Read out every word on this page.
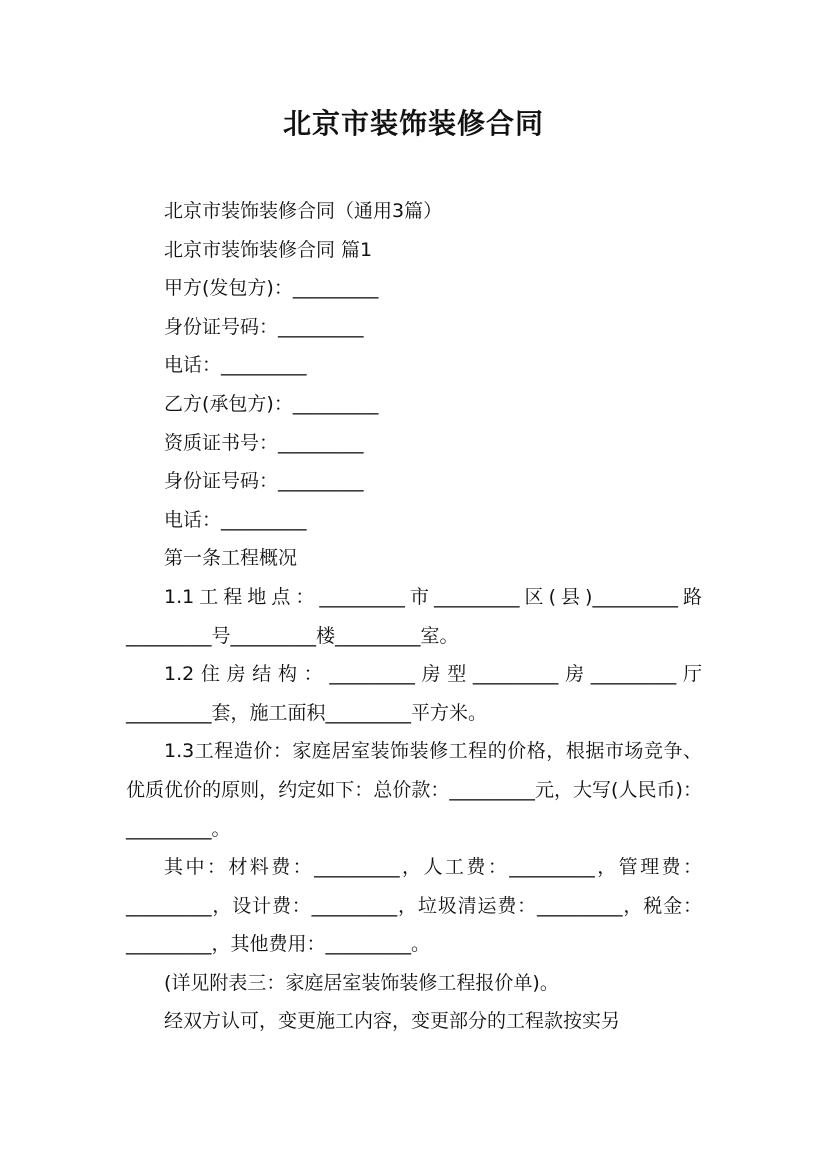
北京市装饰装修合同

北京市装饰装修合同（通用3篇）

北京市装饰装修合同 篇1

甲方(发包方)：_________

身份证号码：_________

电话：_________

乙方(承包方)：_________

资质证书号：_________

身份证号码：_________

电话：_________

第一条工程概况

1.1工程地点：_________市_________区(县)_________路_________号_________楼_________室。

1.2住房结构：_________房型_________房_________厅_________套，施工面积_________平方米。

1.3工程造价：家庭居室装饰装修工程的价格，根据市场竞争、优质优价的原则，约定如下：总价款：_________元，大写(人民币)：_________。

其中：材料费：_________，人工费：_________，管理费：_________，设计费：_________，垃圾清运费：_________，税金：_________，其他费用：_________。

(详见附表三：家庭居室装饰装修工程报价单)。

经双方认可，变更施工内容，变更部分的工程款按实另
